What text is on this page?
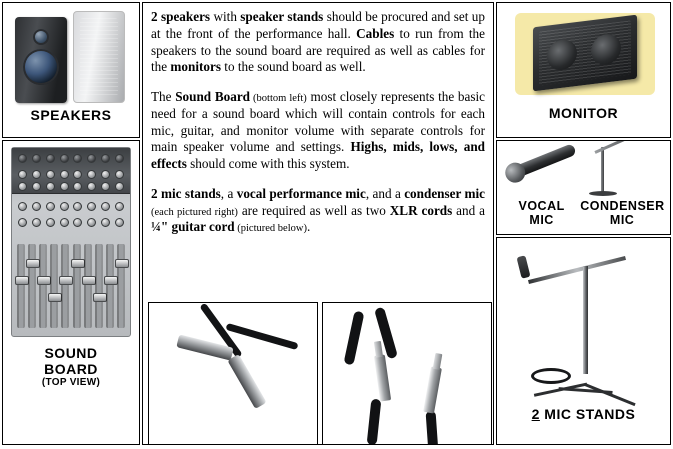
SPEAKERS
SOUND
BOARD
(TOP VIEW)

2 speakers with speaker stands should be procured and set up at the front of the performance hall. Cables to run from the speakers to the sound board are required as well as cables for the monitors to the sound board as well.

The Sound Board (bottom left) most closely represents the basic need for a sound board which will contain controls for each mic, guitar, and monitor volume with separate controls for main speaker volume and settings. Highs, mids, lows, and effects should come with this system.

2 mic stands, a vocal performance mic, and a condenser mic (each pictured right) are required as well as two XLR cords and a ¼" guitar cord (pictured below).

MONITOR
VOCAL
MIC
CONDENSER
MIC
2 MIC STANDS
